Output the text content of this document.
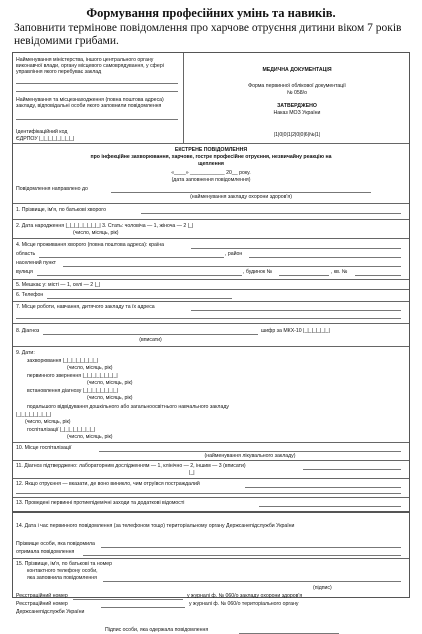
Формування професійних умінь та навиків.
Заповнити термінове повідомлення про харчове отруєння дитини віком 7 років невідомими грибами.
Найменування міністерства, іншого центрального органу виконавчої влади, органу місцевого самоврядування, у сфері управління якого перебуває заклад
Найменування та місцезнаходження (повна поштова адреса) закладу, відповідальні особи якого заповнили повідомлення
Ідентифікаційний код
ЄДРПОУ |_|_|_|_|_|_|_|_|
МЕДИЧНА ДОКУМЕНТАЦІЯ
Форма первинної облікової документації
№ 058/о
ЗАТВЕРДЖЕНО
Наказ МОЗ України
|1|0|0|1|2|0|0|6|№|1|
ЕКСТРЕНЕ ПОВІДОМЛЕННЯ
про інфекційне захворювання, харчове, гостре професійне отруєння, незвичайну реакцію на
щеплення
«____» ____________ 20__ року.
(дата заповнення повідомлення)
Повідомлення направлено до
(найменування закладу охорони здоров'я)
1. Прізвище, ім'я, по батькові хворого
2. Дата народження |_|_|_|_|_|_|_|_| 3. Стать: чоловіча — 1, жіноча — 2 |_|
(число, місяць, рік)
4. Місце проживання хворого (повна поштова адреса): країна
область	, район
населений пункт
вулиця	, будинок №	, кв. №
5. Мешкає у: місті — 1, селі — 2 |_|
6. Телефон
7. Місце роботи, навчання, дитячого закладу та їх адреса
8. Діагноз	шифр за МКХ-10 |_|_|_|_|_|_|
(вписати)
9. Дати:
захворювання |_|_|_|_|_|_|_|_|
(число, місяць, рік)
первинного звернення |_|_|_|_|_|_|_|_|
(число, місяць, рік)
встановлення діагнозу |_|_|_|_|_|_|_|_|
(число, місяць, рік)
подальшого відвідування дошкільного або загальноосвітнього навчального закладу
|_|_|_|_|_|_|_|_|
(число, місяць, рік)
госпіталізації |_|_|_|_|_|_|_|_|
(число, місяць, рік)
10. Місце госпіталізації
(найменування лікувального закладу)
11. Діагноз підтверджено: лабораторним дослідженням — 1, клінічно — 2, іншим — 3 (вписати)
|_|
12. Якщо отруєння — вказати, де воно виникло, чим отруївся постраждалий
13. Проведені первинні протиепідемічні заходи та додаткові відомості
14. Дата і час первинного повідомлення (за телефоном тощо) територіальному органу Держсанепідслужби України
Прізвище особи, яка повідомила
отримала повідомлення
15. Прізвище, ім'я, по батькові та номер
контактного телефону особи,
яка заповнила повідомлення
(підпис)
Реєстраційний номер	у журналі ф. № 060/о закладу охорони здоров'я
Реєстраційний номер	у журналі ф. № 060/о територіального органу
Держсанепідслужби України
Підпис особи, яка одержала повідомлення
